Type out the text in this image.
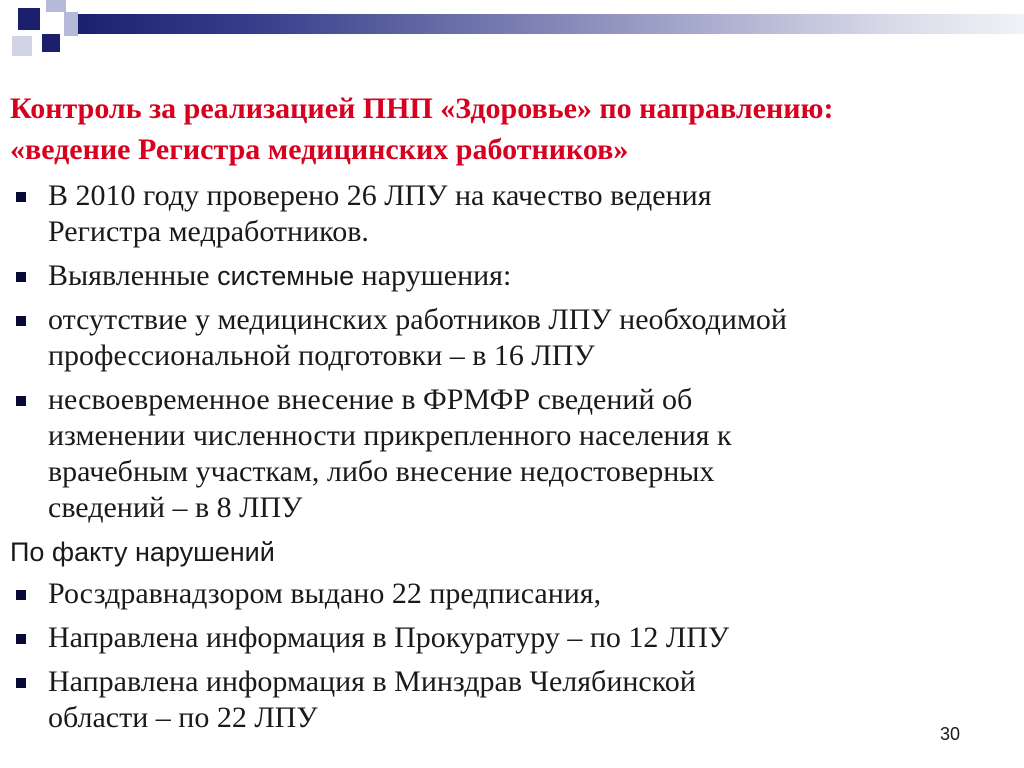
Контроль за реализацией ПНП «Здоровье» по направлению:
«ведение Регистра медицинских работников»
В 2010 году проверено 26 ЛПУ на качество ведения
Регистра медработников.
Выявленные системные нарушения:
отсутствие у медицинских работников ЛПУ необходимой
профессиональной подготовки – в 16 ЛПУ
несвоевременное внесение в ФРМФР сведений об
изменении численности прикрепленного населения к
врачебным участкам, либо внесение недостоверных
сведений – в 8 ЛПУ
По факту нарушений
Росздравнадзором выдано 22 предписания,
Направлена информация в Прокуратуру – по 12 ЛПУ
Направлена информация в Минздрав Челябинской
области – по 22 ЛПУ	30
